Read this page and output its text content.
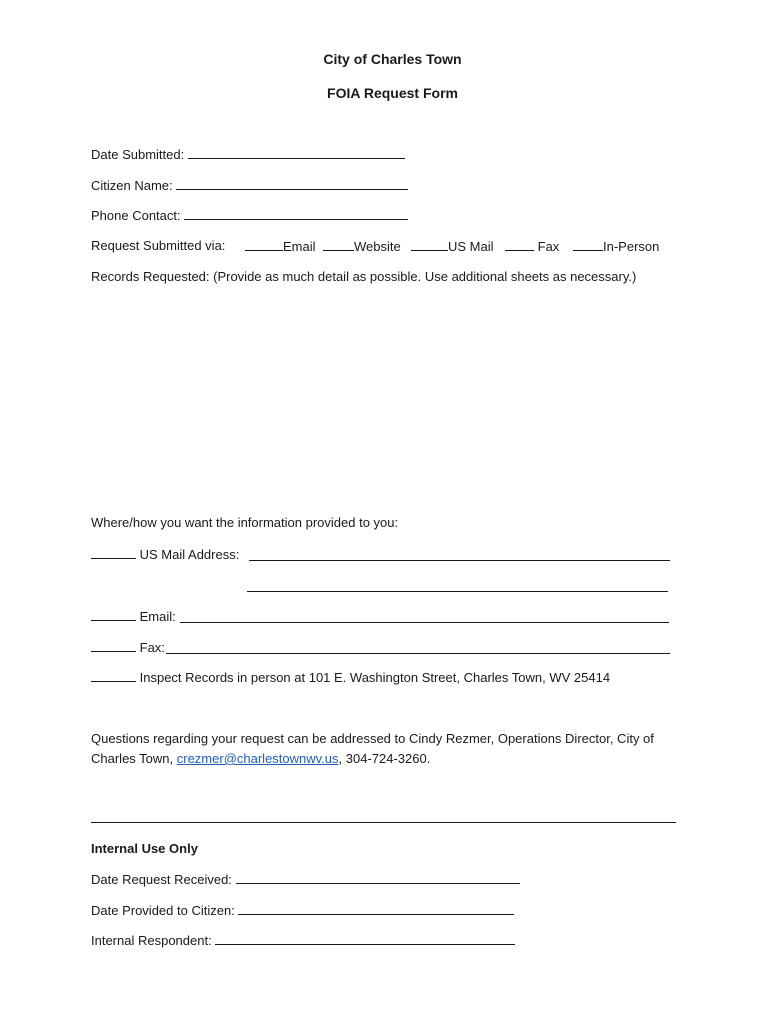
City of Charles Town
FOIA Request Form
Date Submitted:
Citizen Name:
Phone Contact:
Request Submitted via:	Email	Website	US Mail	Fax	In-Person
Records Requested: (Provide as much detail as possible. Use additional sheets as necessary.)
Where/how you want the information provided to you:
US Mail Address:
Email:
Fax:
Inspect Records in person at 101 E. Washington Street, Charles Town, WV 25414
Questions regarding your request can be addressed to Cindy Rezmer, Operations Director, City of Charles Town, crezmer@charlestownwv.us, 304-724-3260.
Internal Use Only
Date Request Received:
Date Provided to Citizen:
Internal Respondent:
